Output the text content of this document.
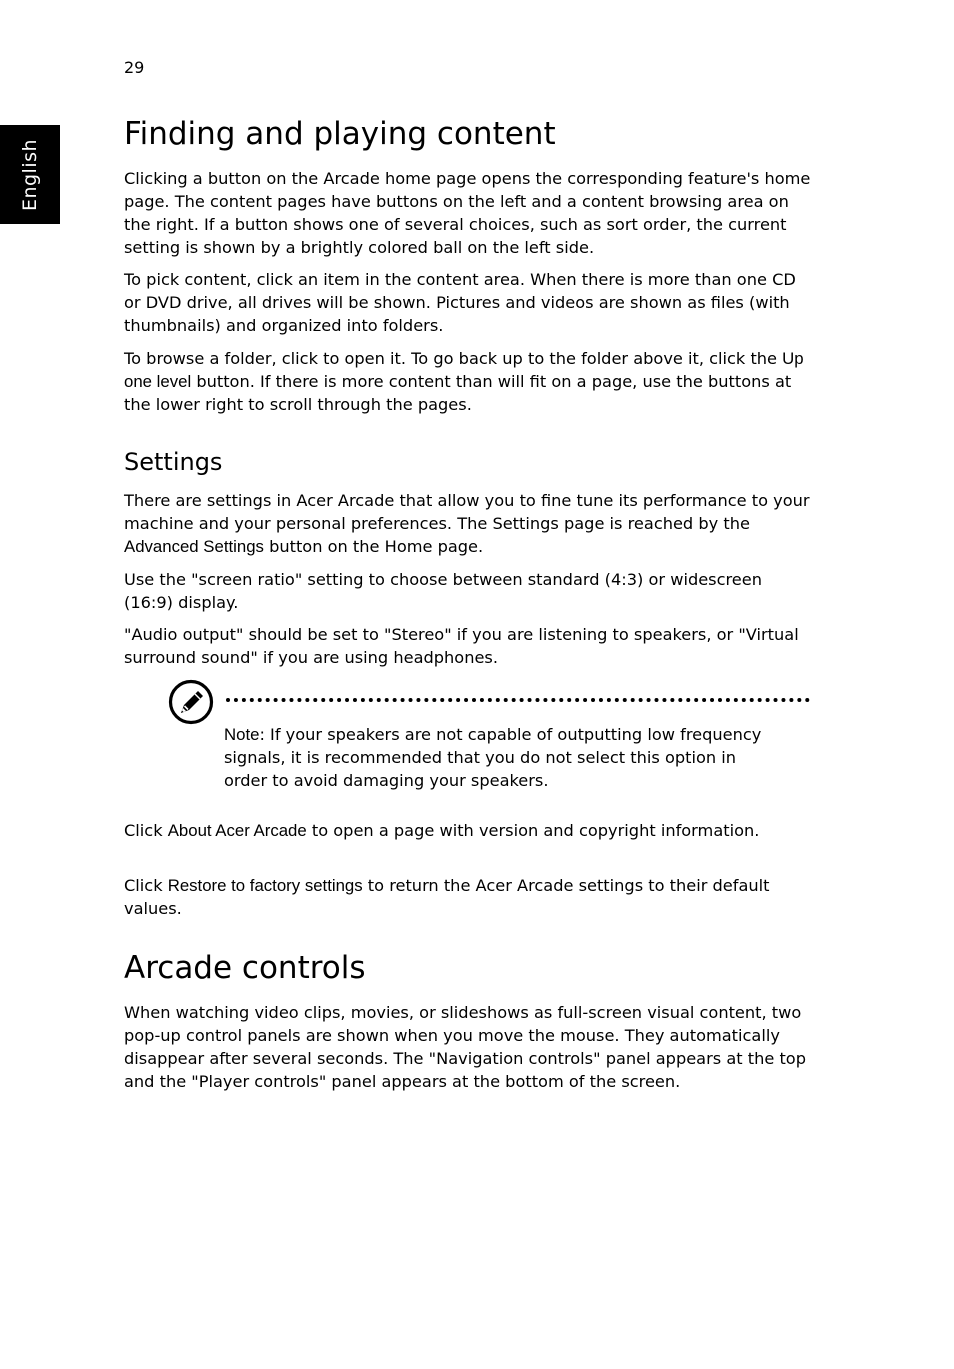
29
English
Finding and playing content

Clicking a button on the Arcade home page opens the corresponding feature's home page. The content pages have buttons on the left and a content browsing area on the right. If a button shows one of several choices, such as sort order, the current setting is shown by a brightly colored ball on the left side.

To pick content, click an item in the content area. When there is more than one CD or DVD drive, all drives will be shown. Pictures and videos are shown as files (with thumbnails) and organized into folders.

To browse a folder, click to open it. To go back up to the folder above it, click the Up one level button. If there is more content than will fit on a page, use the buttons at the lower right to scroll through the pages.

Settings

There are settings in Acer Arcade that allow you to fine tune its performance to your machine and your personal preferences. The Settings page is reached by the Advanced Settings button on the Home page.

Use the "screen ratio" setting to choose between standard (4:3) or widescreen (16:9) display.

"Audio output" should be set to "Stereo" if you are listening to speakers, or "Virtual surround sound" if you are using headphones.

Click About Acer Arcade to open a page with version and copyright information.

Click Restore to factory settings to return the Acer Arcade settings to their default values.

Arcade controls

When watching video clips, movies, or slideshows as full-screen visual content, two pop-up control panels are shown when you move the mouse. They automatically disappear after several seconds. The "Navigation controls" panel appears at the top and the "Player controls" panel appears at the bottom of the screen.

Note: If your speakers are not capable of outputting low frequency signals, it is recommended that you do not select this option in order to avoid damaging your speakers.
